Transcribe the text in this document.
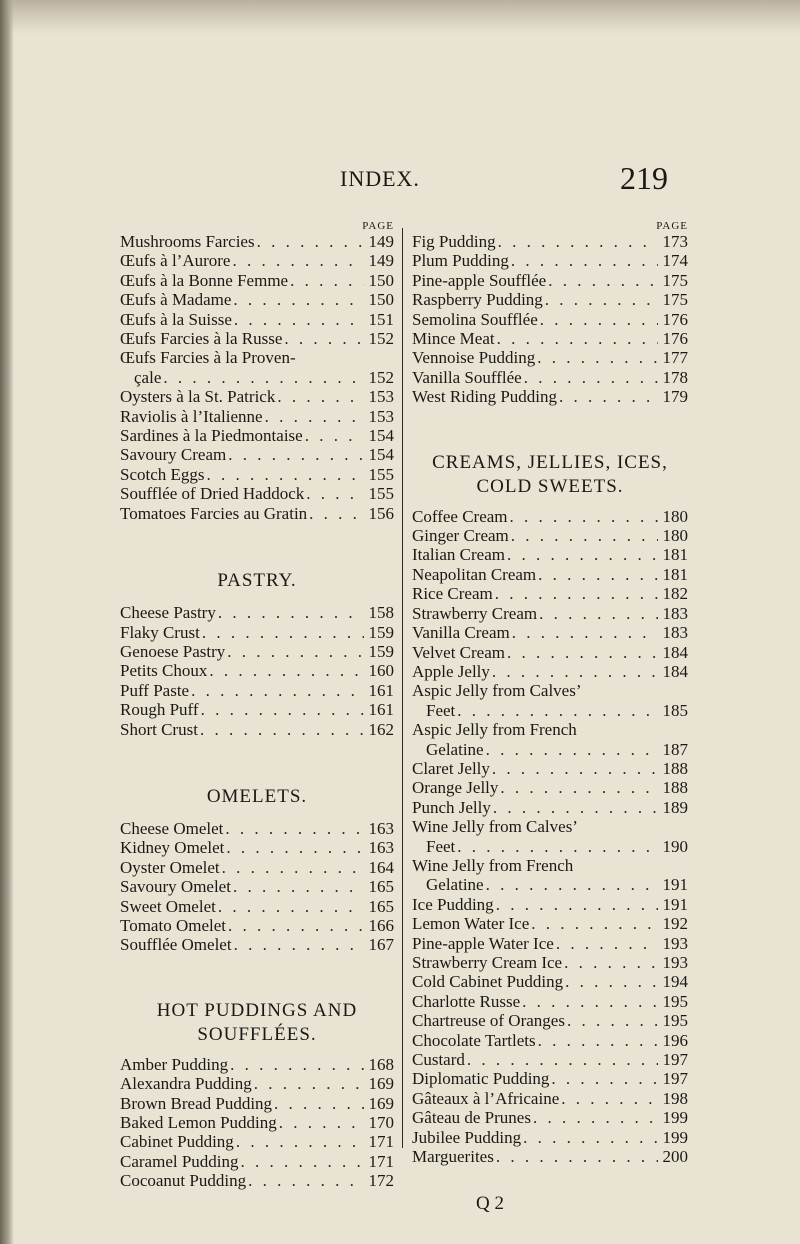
INDEX.	219
PAGE
Mushrooms Farcies . . .	149
Œufs à l’Aurore . . .	149
Œufs à la Bonne Femme . . .	150
Œufs à Madame . . .	150
Œufs à la Suisse . . .	151
Œufs Farcies à la Russe . . .	152
Œufs Farcies à la Proven-
çale . . .	152
Oysters à la St. Patrick . . .	153
Raviolis à l’Italienne . . .	153
Sardines à la Piedmontaise . . .	154
Savoury Cream . . .	154
Scotch Eggs . . .	155
Soufflée of Dried Haddock . . .	155
Tomatoes Farcies au Gratin . . .	156
PASTRY.
Cheese Pastry . . .	158
Flaky Crust . . .	159
Genoese Pastry . . .	159
Petits Choux . . .	160
Puff Paste . . .	161
Rough Puff . . .	161
Short Crust . . .	162
OMELETS.
Cheese Omelet . . .	163
Kidney Omelet . . .	163
Oyster Omelet . . .	164
Savoury Omelet . . .	165
Sweet Omelet . . .	165
Tomato Omelet . . .	166
Soufflée Omelet . . .	167
HOT PUDDINGS AND
SOUFFLÉES.
Amber Pudding . . .	168
Alexandra Pudding . . .	169
Brown Bread Pudding . . .	169
Baked Lemon Pudding . . .	170
Cabinet Pudding . . .	171
Caramel Pudding . . .	171
Cocoanut Pudding . . .	172
PAGE
Fig Pudding . . .	173
Plum Pudding . . .	174
Pine-apple Soufflée . . .	175
Raspberry Pudding . . .	175
Semolina Soufflée . . .	176
Mince Meat . . .	176
Vennoise Pudding . . .	177
Vanilla Soufflée . . .	178
West Riding Pudding . . .	179
CREAMS, JELLIES, ICES,
COLD SWEETS.
Coffee Cream . . .	180
Ginger Cream . . .	180
Italian Cream . . .	181
Neapolitan Cream . . .	181
Rice Cream . . .	182
Strawberry Cream . . .	183
Vanilla Cream . . .	183
Velvet Cream . . .	184
Apple Jelly . . .	184
Aspic Jelly from Calves’
Feet . . .	185
Aspic Jelly from French
Gelatine . . .	187
Claret Jelly . . .	188
Orange Jelly . . .	188
Punch Jelly . . .	189
Wine Jelly from Calves’
Feet . . .	190
Wine Jelly from French
Gelatine . . .	191
Ice Pudding . . .	191
Lemon Water Ice . . .	192
Pine-apple Water Ice . . .	193
Strawberry Cream Ice . . .	193
Cold Cabinet Pudding . . .	194
Charlotte Russe . . .	195
Chartreuse of Oranges . . .	195
Chocolate Tartlets . . .	196
Custard . . .	197
Diplomatic Pudding . . .	197
Gâteaux à l’Africaine . . .	198
Gâteau de Prunes . . .	199
Jubilee Pudding . . .	199
Marguerites . . .	200
Q 2
